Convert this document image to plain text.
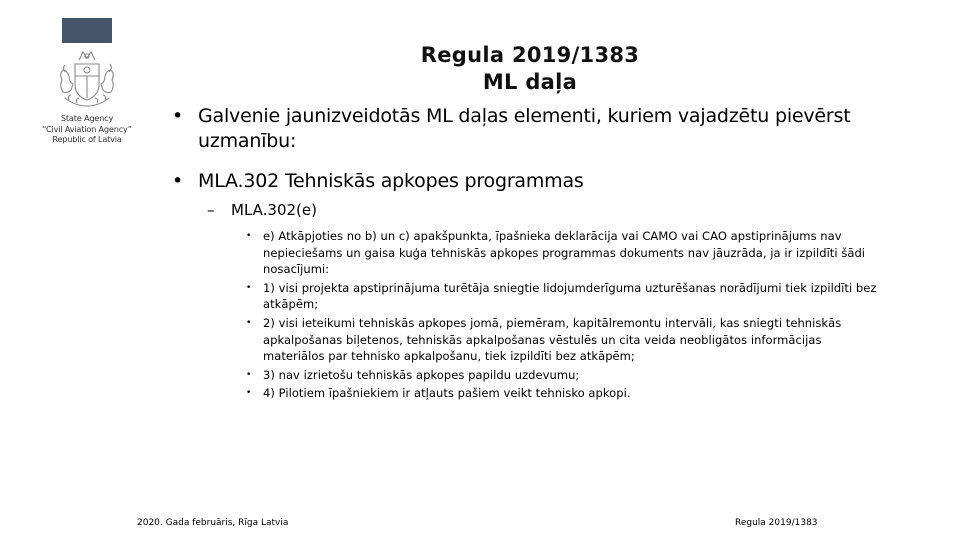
State Agency
“Civil Aviation Agency”
Republic of Latvia
Regula 2019/1383
ML daļa
• Galvenie jaunizveidotās ML daļas elementi, kuriem vajadzētu pievērst uzmanību:
• MLA.302 Tehniskās apkopes programmas
– MLA.302(e)
• e) Atkāpjoties no b) un c) apakšpunkta, īpašnieka deklarācija vai CAMO vai CAO apstiprinājums nav nepieciešams un gaisa kuģa tehniskās apkopes programmas dokuments nav jāuzrāda, ja ir izpildīti šādi nosacījumi:
• 1) visi projekta apstiprinājuma turētāja sniegtie lidojumderīguma uzturēšanas norādījumi tiek izpildīti bez atkāpēm;
• 2) visi ieteikumi tehniskās apkopes jomā, piemēram, kapitālremontu intervāli, kas sniegti tehniskās apkalpošanas biļetenos, tehniskās apkalpošanas vēstulēs un cita veida neobligātos informācijas materiālos par tehnisko apkalpošanu, tiek izpildīti bez atkāpēm;
• 3) nav izrietošu tehniskās apkopes papildu uzdevumu;
• 4) Pilotiem īpašniekiem ir atļauts pašiem veikt tehnisko apkopi.
2020. Gada februāris, Rīga Latvia	Regula 2019/1383
